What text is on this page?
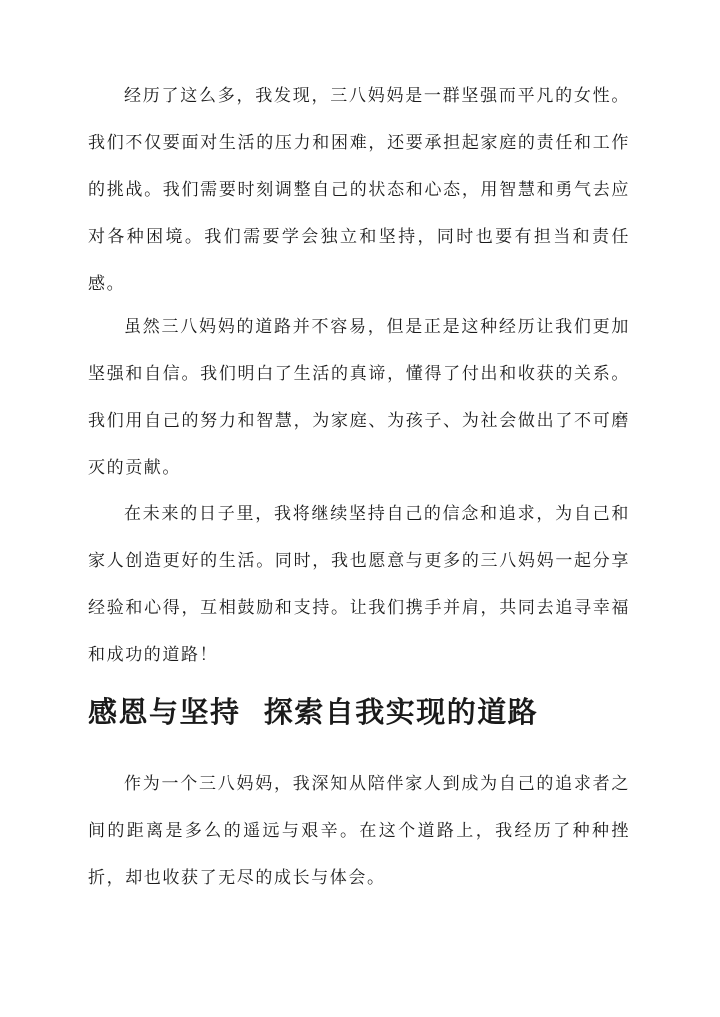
经历了这么多，我发现，三八妈妈是一群坚强而平凡的女性。我们不仅要面对生活的压力和困难，还要承担起家庭的责任和工作的挑战。我们需要时刻调整自己的状态和心态，用智慧和勇气去应对各种困境。我们需要学会独立和坚持，同时也要有担当和责任感。

虽然三八妈妈的道路并不容易，但是正是这种经历让我们更加坚强和自信。我们明白了生活的真谛，懂得了付出和收获的关系。我们用自己的努力和智慧，为家庭、为孩子、为社会做出了不可磨灭的贡献。

在未来的日子里，我将继续坚持自己的信念和追求，为自己和家人创造更好的生活。同时，我也愿意与更多的三八妈妈一起分享经验和心得，互相鼓励和支持。让我们携手并肩，共同去追寻幸福和成功的道路！

感恩与坚持  探索自我实现的道路

作为一个三八妈妈，我深知从陪伴家人到成为自己的追求者之间的距离是多么的遥远与艰辛。在这个道路上，我经历了种种挫折，却也收获了无尽的成长与体会。
